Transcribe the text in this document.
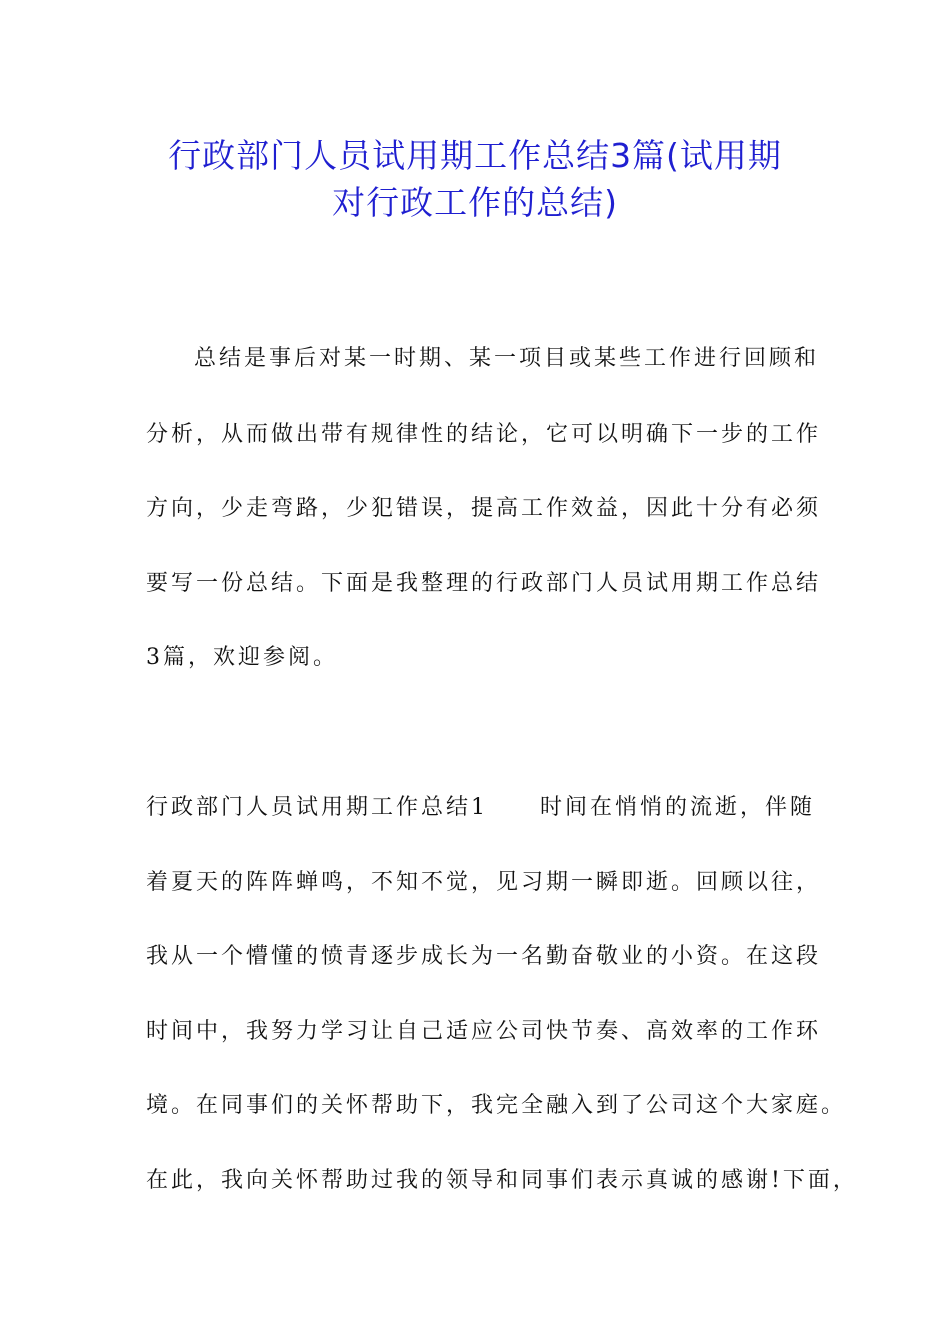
行政部门人员试用期工作总结3篇(试用期
对行政工作的总结)
总结是事后对某一时期、某一项目或某些工作进行回顾和
分析，从而做出带有规律性的结论，它可以明确下一步的工作
方向，少走弯路，少犯错误，提高工作效益，因此十分有必须
要写一份总结。下面是我整理的行政部门人员试用期工作总结
3篇，欢迎参阅。
行政部门人员试用期工作总结1 时间在悄悄的流逝，伴随
着夏天的阵阵蝉鸣，不知不觉，见习期一瞬即逝。回顾以往，
我从一个懵懂的愤青逐步成长为一名勤奋敬业的小资。在这段
时间中，我努力学习让自己适应公司快节奏、高效率的工作环
境。在同事们的关怀帮助下，我完全融入到了公司这个大家庭。
在此，我向关怀帮助过我的领导和同事们表示真诚的感谢!下面，
